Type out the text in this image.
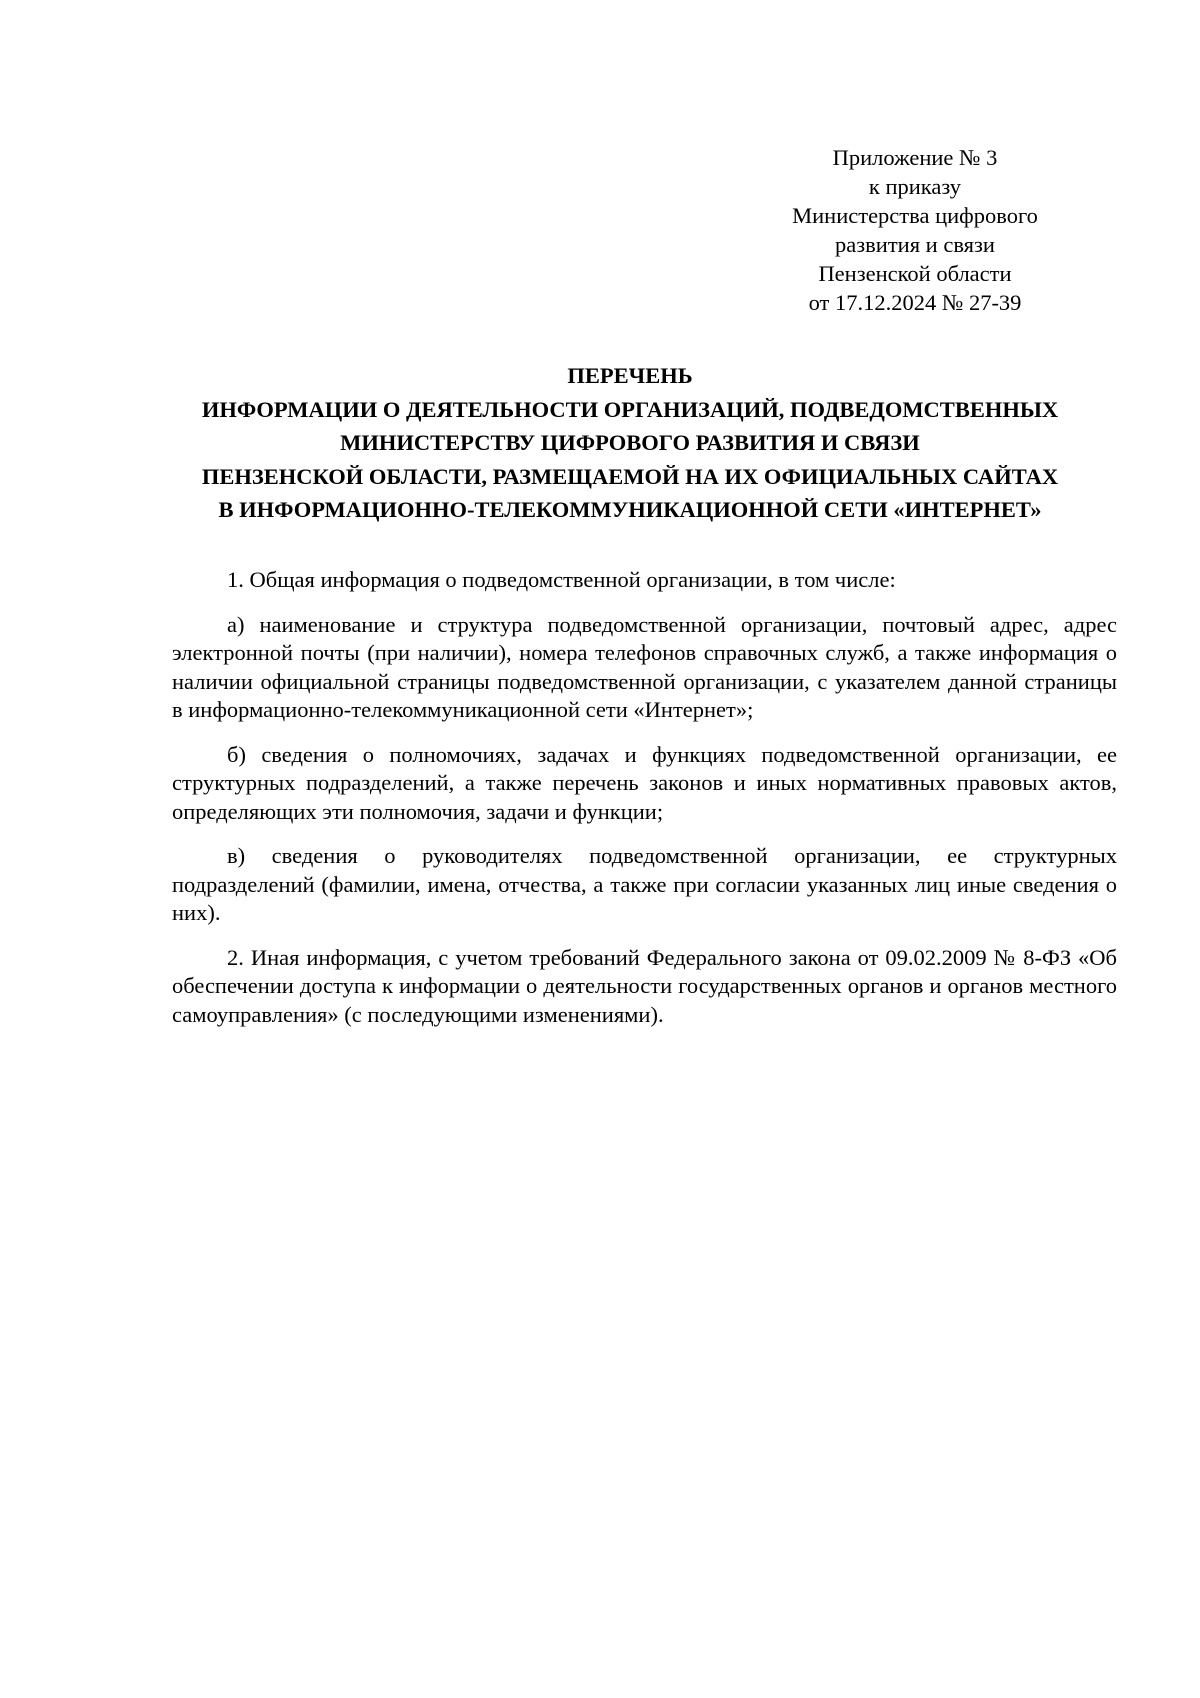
Приложение № 3
к приказу
Министерства цифрового
развития и связи
Пензенской области
от 17.12.2024 № 27-39
ПЕРЕЧЕНЬ
ИНФОРМАЦИИ О ДЕЯТЕЛЬНОСТИ ОРГАНИЗАЦИЙ, ПОДВЕДОМСТВЕННЫХ
МИНИСТЕРСТВУ ЦИФРОВОГО РАЗВИТИЯ И СВЯЗИ
ПЕНЗЕНСКОЙ ОБЛАСТИ, РАЗМЕЩАЕМОЙ НА ИХ ОФИЦИАЛЬНЫХ САЙТАХ
В ИНФОРМАЦИОННО-ТЕЛЕКОММУНИКАЦИОННОЙ СЕТИ «ИНТЕРНЕТ»

1. Общая информация о подведомственной организации, в том числе:

а) наименование и структура подведомственной организации, почтовый адрес, адрес электронной почты (при наличии), номера телефонов справочных служб, а также информация о наличии официальной страницы подведомственной организации, с указателем данной страницы в информационно-телекоммуникационной сети «Интернет»;

б) сведения о полномочиях, задачах и функциях подведомственной организации, ее структурных подразделений, а также перечень законов и иных нормативных правовых актов, определяющих эти полномочия, задачи и функции;

в) сведения о руководителях подведомственной организации, ее структурных подразделений (фамилии, имена, отчества, а также при согласии указанных лиц иные сведения о них).

2. Иная информация, с учетом требований Федерального закона от 09.02.2009 № 8-ФЗ «Об обеспечении доступа к информации о деятельности государственных органов и органов местного самоуправления» (с последующими изменениями).
